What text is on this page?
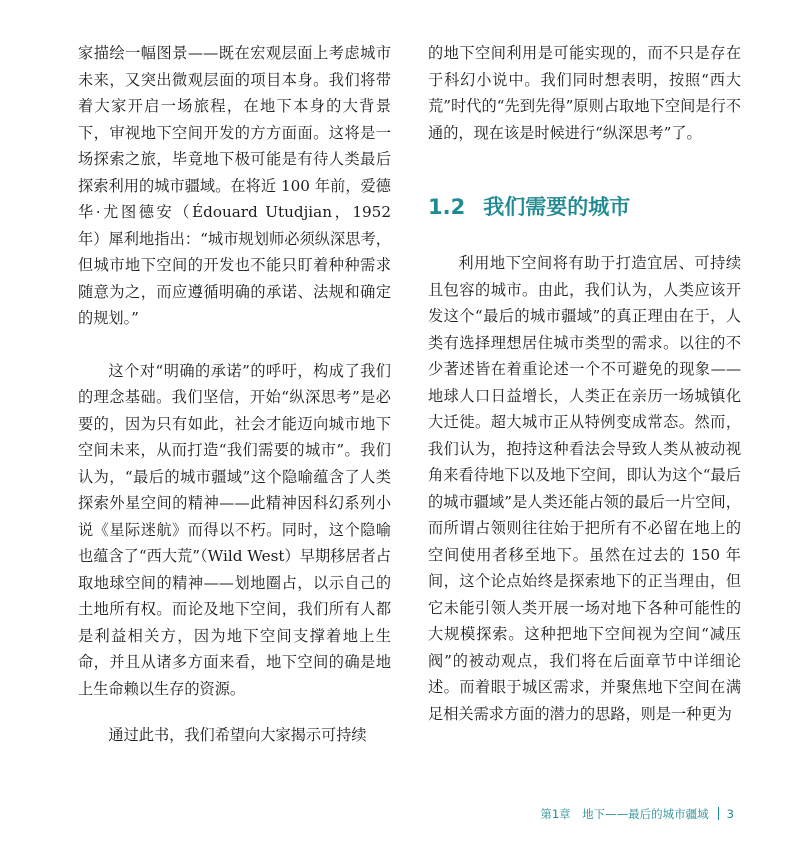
家描绘一幅图景——既在宏观层面上考虑城市未来，又突出微观层面的项目本身。我们将带着大家开启一场旅程，在地下本身的大背景下，审视地下空间开发的方方面面。这将是一场探索之旅，毕竟地下极可能是有待人类最后探索利用的城市疆域。在将近 100 年前，爱德华·尤图德安（Édouard Utudjian，1952 年）犀利地指出：“城市规划师必须纵深思考，但城市地下空间的开发也不能只盯着种种需求随意为之，而应遵循明确的承诺、法规和确定的规划。”

这个对“明确的承诺”的呼吁，构成了我们的理念基础。我们坚信，开始“纵深思考”是必要的，因为只有如此，社会才能迈向城市地下空间未来，从而打造“我们需要的城市”。我们认为，“最后的城市疆域”这个隐喻蕴含了人类探索外星空间的精神——此精神因科幻系列小说《星际迷航》而得以不朽。同时，这个隐喻也蕴含了“西大荒”（Wild West）早期移居者占取地球空间的精神——划地圈占，以示自己的土地所有权。而论及地下空间，我们所有人都是利益相关方，因为地下空间支撑着地上生命，并且从诸多方面来看，地下空间的确是地上生命赖以生存的资源。

通过此书，我们希望向大家揭示可持续

的地下空间利用是可能实现的，而不只是存在于科幻小说中。我们同时想表明，按照“西大荒”时代的“先到先得”原则占取地下空间是行不通的，现在该是时候进行“纵深思考”了。

1.2 我们需要的城市

利用地下空间将有助于打造宜居、可持续且包容的城市。由此，我们认为，人类应该开发这个“最后的城市疆域”的真正理由在于，人类有选择理想居住城市类型的需求。以往的不少著述皆在着重论述一个不可避免的现象——地球人口日益增长，人类正在亲历一场城镇化大迁徙。超大城市正从特例变成常态。然而，我们认为，抱持这种看法会导致人类从被动视角来看待地下以及地下空间，即认为这个“最后的城市疆域”是人类还能占领的最后一片空间，而所谓占领则往往始于把所有不必留在地上的空间使用者移至地下。虽然在过去的 150 年间，这个论点始终是探索地下的正当理由，但它未能引领人类开展一场对地下各种可能性的大规模探索。这种把地下空间视为空间“减压阀”的被动观点，我们将在后面章节中详细论述。而着眼于城区需求，并聚焦地下空间在满足相关需求方面的潜力的思路，则是一种更为

第1章　地下——最后的城市疆域 3
